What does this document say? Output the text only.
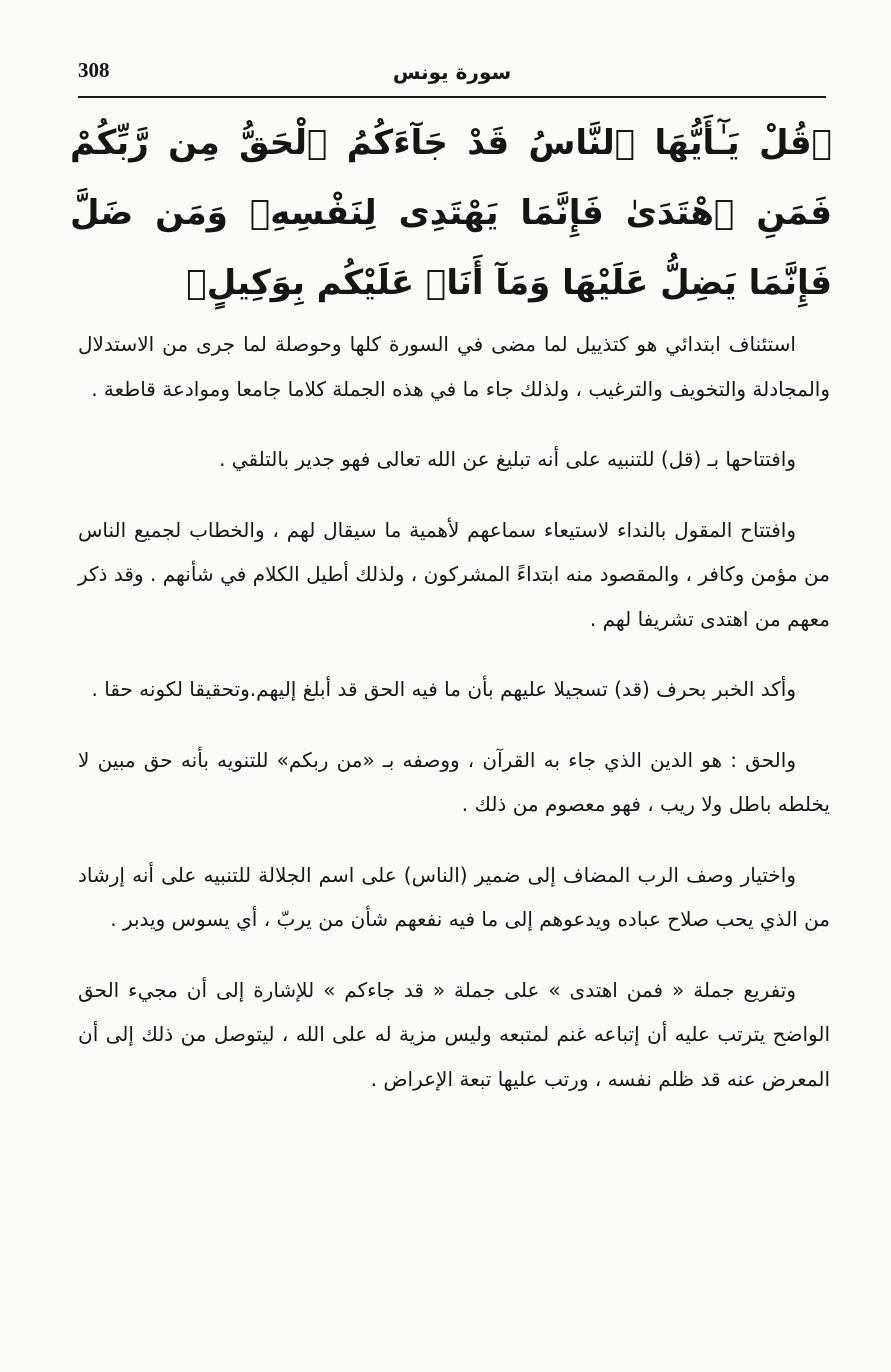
308	سورة يونس
﴿قُلْ يَـٰٓأَيُّهَا ٱلنَّاسُ قَدْ جَآءَكُمُ ٱلْحَقُّ مِن رَّبِّكُمْ فَمَنِ ٱهْتَدَىٰ فَإِنَّمَا يَهْتَدِى لِنَفْسِهِۦ وَمَن ضَلَّ فَإِنَّمَا يَضِلُّ عَلَيْهَا وَمَآ أَنَا۠ عَلَيْكُم بِوَكِيلٍ﴾

استئناف ابتدائي هو كتذييل لما مضى في السورة كلها وحوصلة لما جرى من الاستدلال والمجادلة والتخويف والترغيب ، ولذلك جاء ما في هذه الجملة كلاما جامعا وموادعة قاطعة .

وافتتاحها بـ (قل) للتنبيه على أنه تبليغ عن الله تعالى فهو جدير بالتلقي .

وافتتاح المقول بالنداء لاستيعاء سماعهم لأهمية ما سيقال لهم ، والخطاب لجميع الناس من مؤمن وكافر ، والمقصود منه ابتداءً المشركون ، ولذلك أطيل الكلام في شأنهم . وقد ذكر معهم من اهتدى تشريفا لهم .

وأكد الخبر بحرف (قد) تسجيلا عليهم بأن ما فيه الحق قد أبلغ إليهم.وتحقيقا لكونه حقا .

والحق : هو الدين الذي جاء به القرآن ، ووصفه بـ «من ربكم» للتنويه بأنه حق مبين لا يخلطه باطل ولا ريب ، فهو معصوم من ذلك .

واختيار وصف الرب المضاف إلى ضمير (الناس) على اسم الجلالة للتنبيه على أنه إرشاد من الذي يحب صلاح عباده ويدعوهم إلى ما فيه نفعهم شأن من يربّ ، أي يسوس ويدبر .

وتفريع جملة « فمن اهتدى » على جملة « قد جاءكم » للإشارة إلى أن مجيء الحق الواضح يترتب عليه أن إتباعه غنم لمتبعه وليس مزية له على الله ، ليتوصل من ذلك إلى أن المعرض عنه قد ظلم نفسه ، ورتب عليها تبعة الإعراض .
